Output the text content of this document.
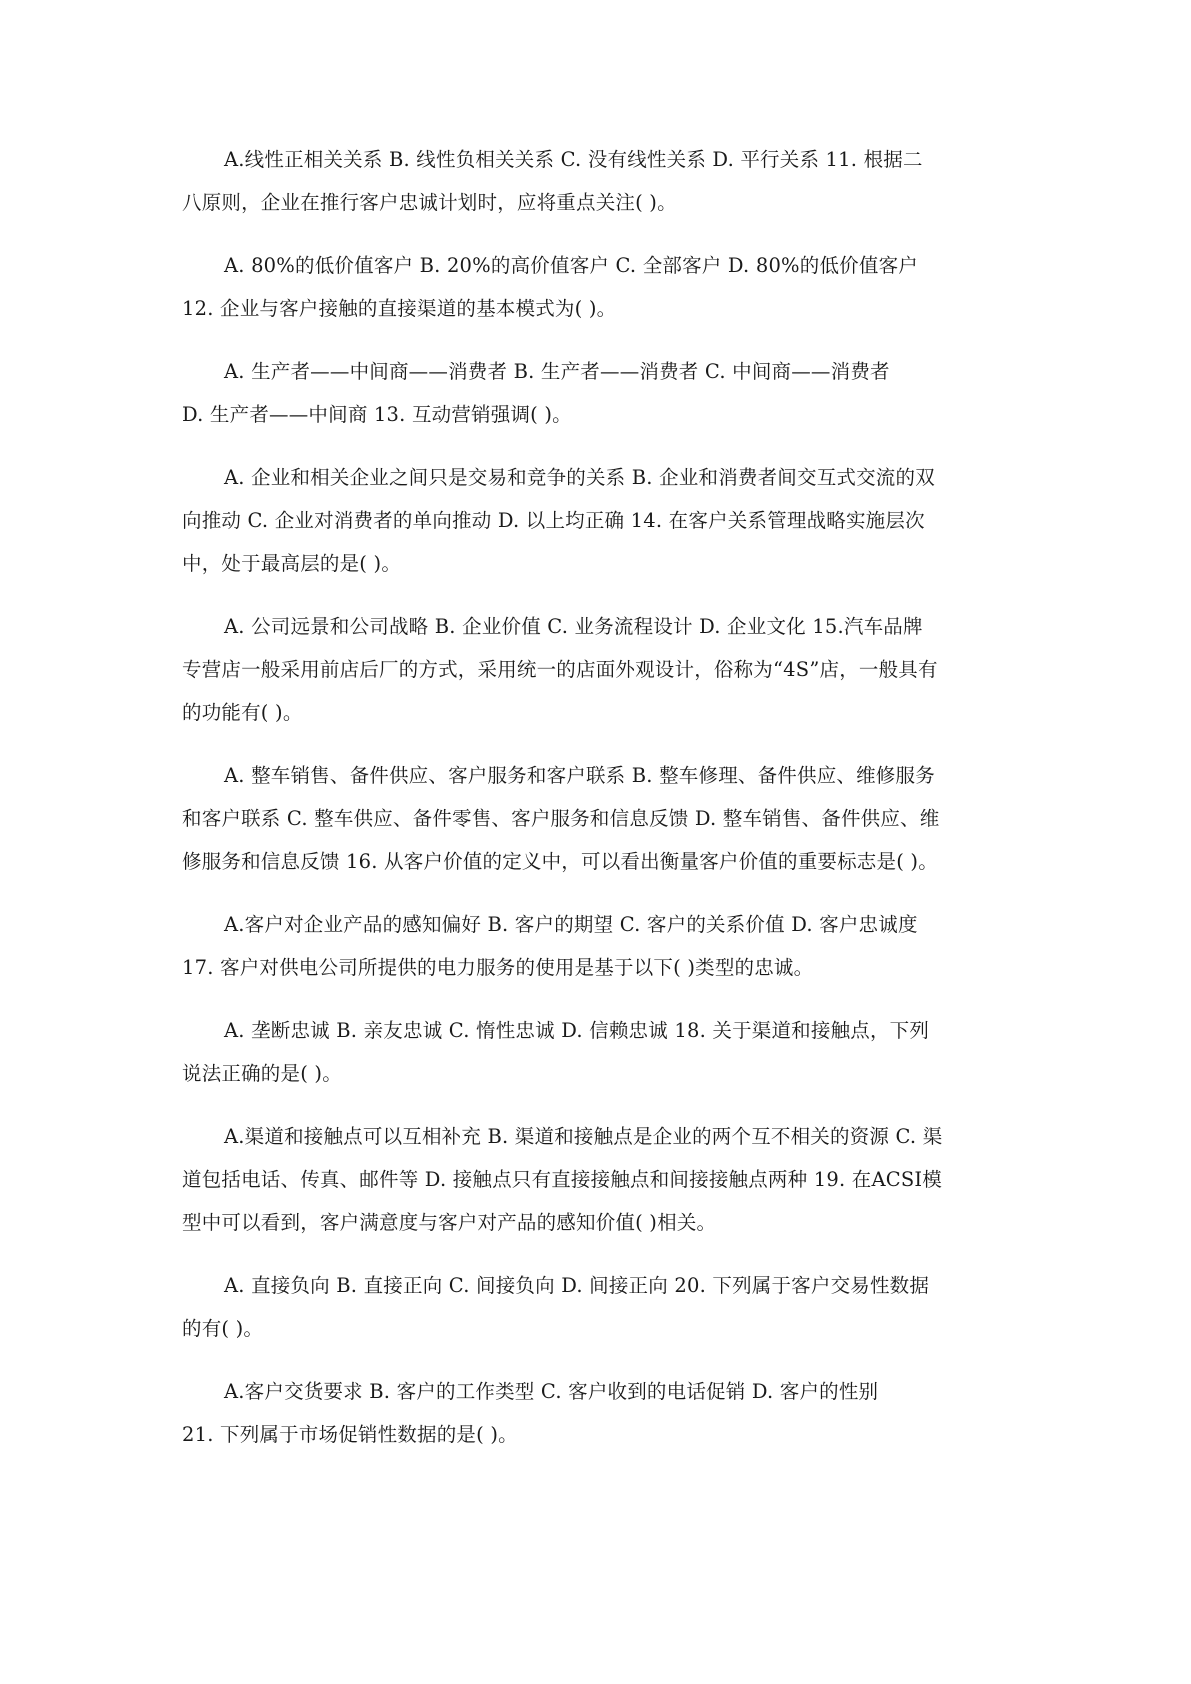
A.线性正相关关系 B. 线性负相关关系 C. 没有线性关系 D. 平行关系 11. 根据二
八原则，企业在推行客户忠诚计划时，应将重点关注( )。
A. 80%的低价值客户 B. 20%的高价值客户 C. 全部客户 D. 80%的低价值客户
12. 企业与客户接触的直接渠道的基本模式为( )。
A. 生产者——中间商——消费者 B. 生产者——消费者 C. 中间商——消费者
D. 生产者——中间商 13. 互动营销强调( )。
A. 企业和相关企业之间只是交易和竞争的关系 B. 企业和消费者间交互式交流的双
向推动 C. 企业对消费者的单向推动 D. 以上均正确 14. 在客户关系管理战略实施层次
中，处于最高层的是( )。
A. 公司远景和公司战略 B. 企业价值 C. 业务流程设计 D. 企业文化 15.汽车品牌
专营店一般采用前店后厂的方式，采用统一的店面外观设计，俗称为“4S”店，一般具有
的功能有( )。
A. 整车销售、备件供应、客户服务和客户联系 B. 整车修理、备件供应、维修服务
和客户联系 C. 整车供应、备件零售、客户服务和信息反馈 D. 整车销售、备件供应、维
修服务和信息反馈 16. 从客户价值的定义中，可以看出衡量客户价值的重要标志是( )。
A.客户对企业产品的感知偏好 B. 客户的期望 C. 客户的关系价值 D. 客户忠诚度
17. 客户对供电公司所提供的电力服务的使用是基于以下( )类型的忠诚。
A. 垄断忠诚 B. 亲友忠诚 C. 惰性忠诚 D. 信赖忠诚 18. 关于渠道和接触点，下列
说法正确的是( )。
A.渠道和接触点可以互相补充 B. 渠道和接触点是企业的两个互不相关的资源 C. 渠
道包括电话、传真、邮件等 D. 接触点只有直接接触点和间接接触点两种 19. 在ACSI模
型中可以看到，客户满意度与客户对产品的感知价值( )相关。
A. 直接负向 B. 直接正向 C. 间接负向 D. 间接正向 20. 下列属于客户交易性数据
的有( )。
A.客户交货要求 B. 客户的工作类型 C. 客户收到的电话促销 D. 客户的性别
21. 下列属于市场促销性数据的是( )。
